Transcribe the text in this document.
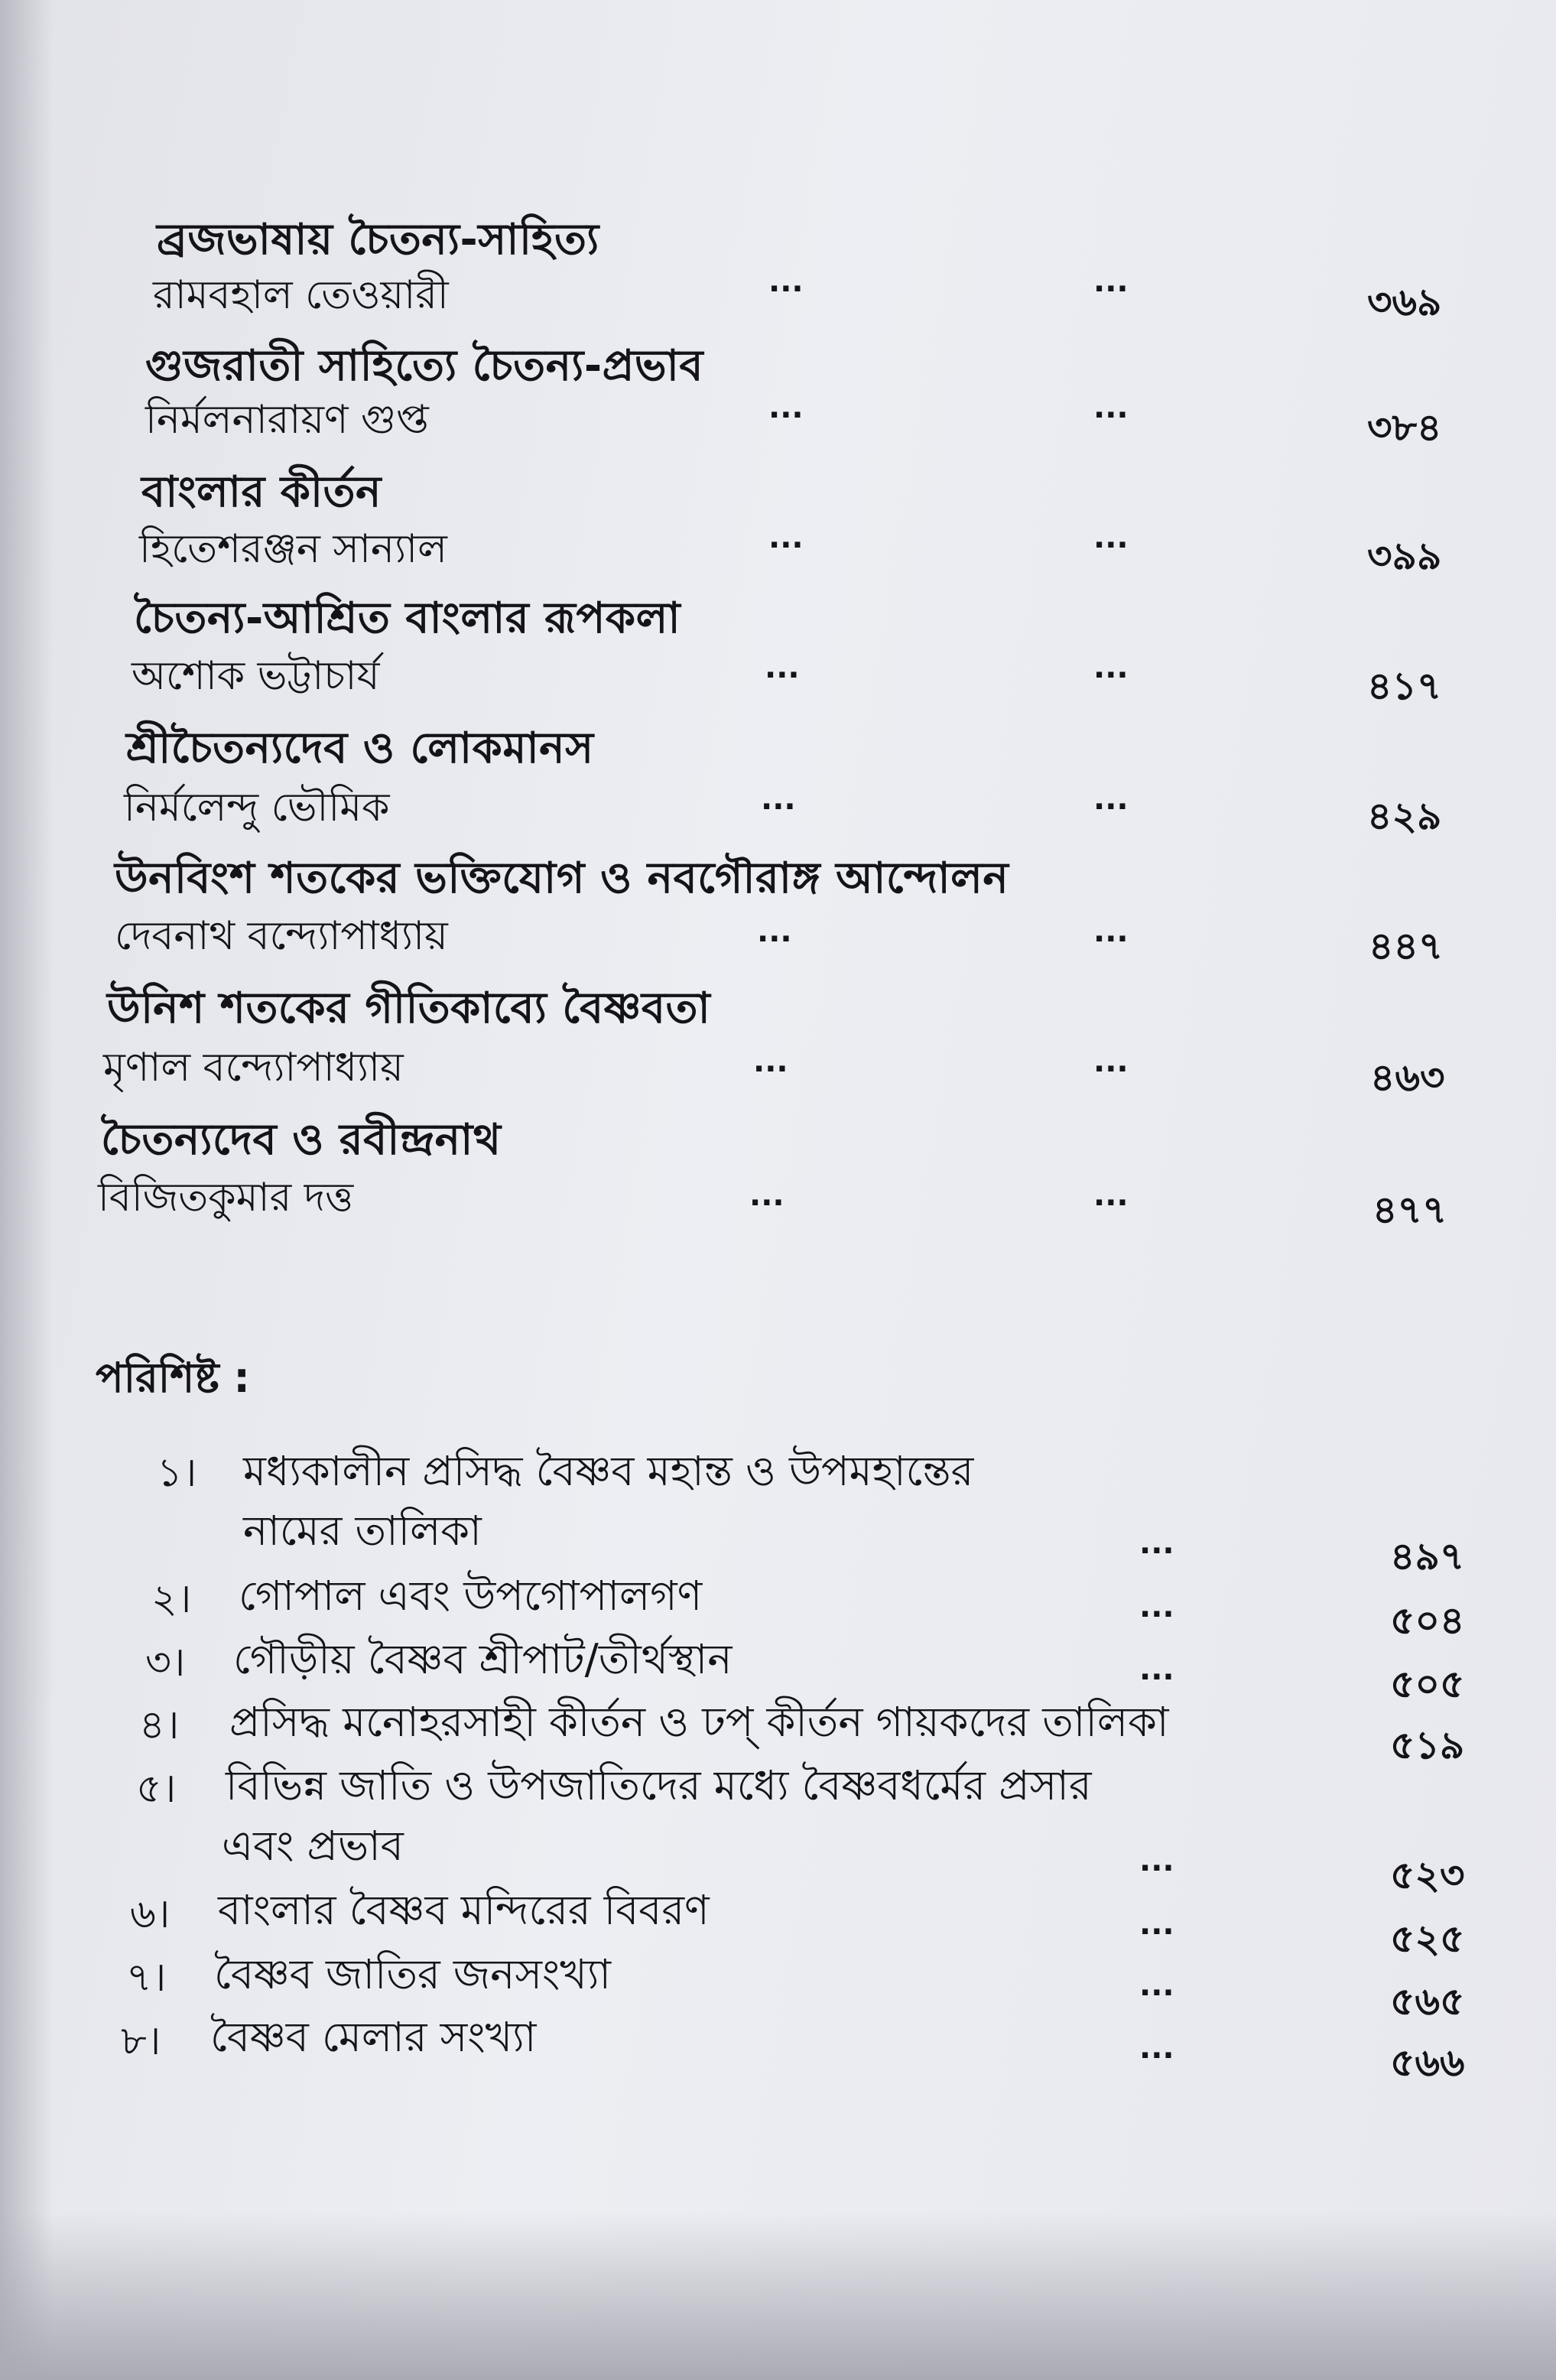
ব্রজভাষায় চৈতন্য-সাহিত্য
রামবহাল তেওয়ারী	...	...	৩৬৯
গুজরাতী সাহিত্যে চৈতন্য-প্রভাব
নির্মলনারায়ণ গুপ্ত	...	...	৩৮৪
বাংলার কীর্তন
হিতেশরঞ্জন সান্যাল	...	...	৩৯৯
চৈতন্য-আশ্রিত বাংলার রূপকলা
অশোক ভট্টাচার্য	...	...	৪১৭
শ্রীচৈতন্যদেব ও লোকমানস
নির্মলেন্দু ভৌমিক	...	...	৪২৯
উনবিংশ শতকের ভক্তিযোগ ও নবগৌরাঙ্গ আন্দোলন
দেবনাথ বন্দ্যোপাধ্যায়	...	...	৪৪৭
উনিশ শতকের গীতিকাব্যে বৈষ্ণবতা
মৃণাল বন্দ্যোপাধ্যায়	...	...	৪৬৩
চৈতন্যদেব ও রবীন্দ্রনাথ
বিজিতকুমার দত্ত	...	...	৪৭৭
পরিশিষ্ট :
১। মধ্যকালীন প্রসিদ্ধ বৈষ্ণব মহান্ত ও উপমহান্তের
নামের তালিকা	...	৪৯৭
২। গোপাল এবং উপগোপালগণ	...	৫০৪
৩। গৌড়ীয় বৈষ্ণব শ্রীপাট/তীর্থস্থান	...	৫০৫
৪। প্রসিদ্ধ মনোহরসাহী কীর্তন ও ঢপ্ কীর্তন গায়কদের তালিকা	৫১৯
৫। বিভিন্ন জাতি ও উপজাতিদের মধ্যে বৈষ্ণবধর্মের প্রসার
এবং প্রভাব	...	৫২৩
৬। বাংলার বৈষ্ণব মন্দিরের বিবরণ	...	৫২৫
৭। বৈষ্ণব জাতির জনসংখ্যা	...	৫৬৫
৮। বৈষ্ণব মেলার সংখ্যা	...	৫৬৬
